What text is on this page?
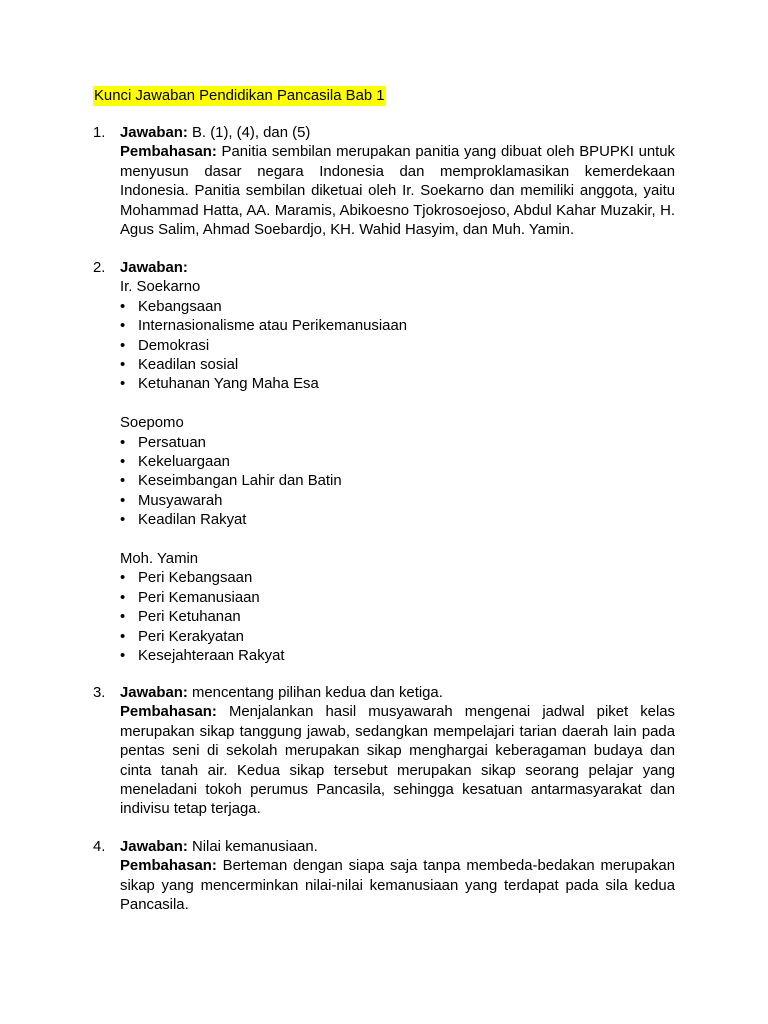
Kunci Jawaban Pendidikan Pancasila Bab 1
1. Jawaban: B. (1), (4), dan (5)
Pembahasan: Panitia sembilan merupakan panitia yang dibuat oleh BPUPKI untuk menyusun dasar negara Indonesia dan memproklamasikan kemerdekaan Indonesia. Panitia sembilan diketuai oleh Ir. Soekarno dan memiliki anggota, yaitu Mohammad Hatta, AA. Maramis, Abikoesno Tjokrosoejoso, Abdul Kahar Muzakir, H. Agus Salim, Ahmad Soebardjo, KH. Wahid Hasyim, dan Muh. Yamin.
2. Jawaban:
Ir. Soekarno
• Kebangsaan
• Internasionalisme atau Perikemanusiaan
• Demokrasi
• Keadilan sosial
• Ketuhanan Yang Maha Esa
Soepomo
• Persatuan
• Kekeluargaan
• Keseimbangan Lahir dan Batin
• Musyawarah
• Keadilan Rakyat
Moh. Yamin
• Peri Kebangsaan
• Peri Kemanusiaan
• Peri Ketuhanan
• Peri Kerakyatan
• Kesejahteraan Rakyat
3. Jawaban: mencentang pilihan kedua dan ketiga.
Pembahasan: Menjalankan hasil musyawarah mengenai jadwal piket kelas merupakan sikap tanggung jawab, sedangkan mempelajari tarian daerah lain pada pentas seni di sekolah merupakan sikap menghargai keberagaman budaya dan cinta tanah air. Kedua sikap tersebut merupakan sikap seorang pelajar yang meneladani tokoh perumus Pancasila, sehingga kesatuan antarmasyarakat dan indivisu tetap terjaga.
4. Jawaban: Nilai kemanusiaan.
Pembahasan: Berteman dengan siapa saja tanpa membeda-bedakan merupakan sikap yang mencerminkan nilai-nilai kemanusiaan yang terdapat pada sila kedua Pancasila.
